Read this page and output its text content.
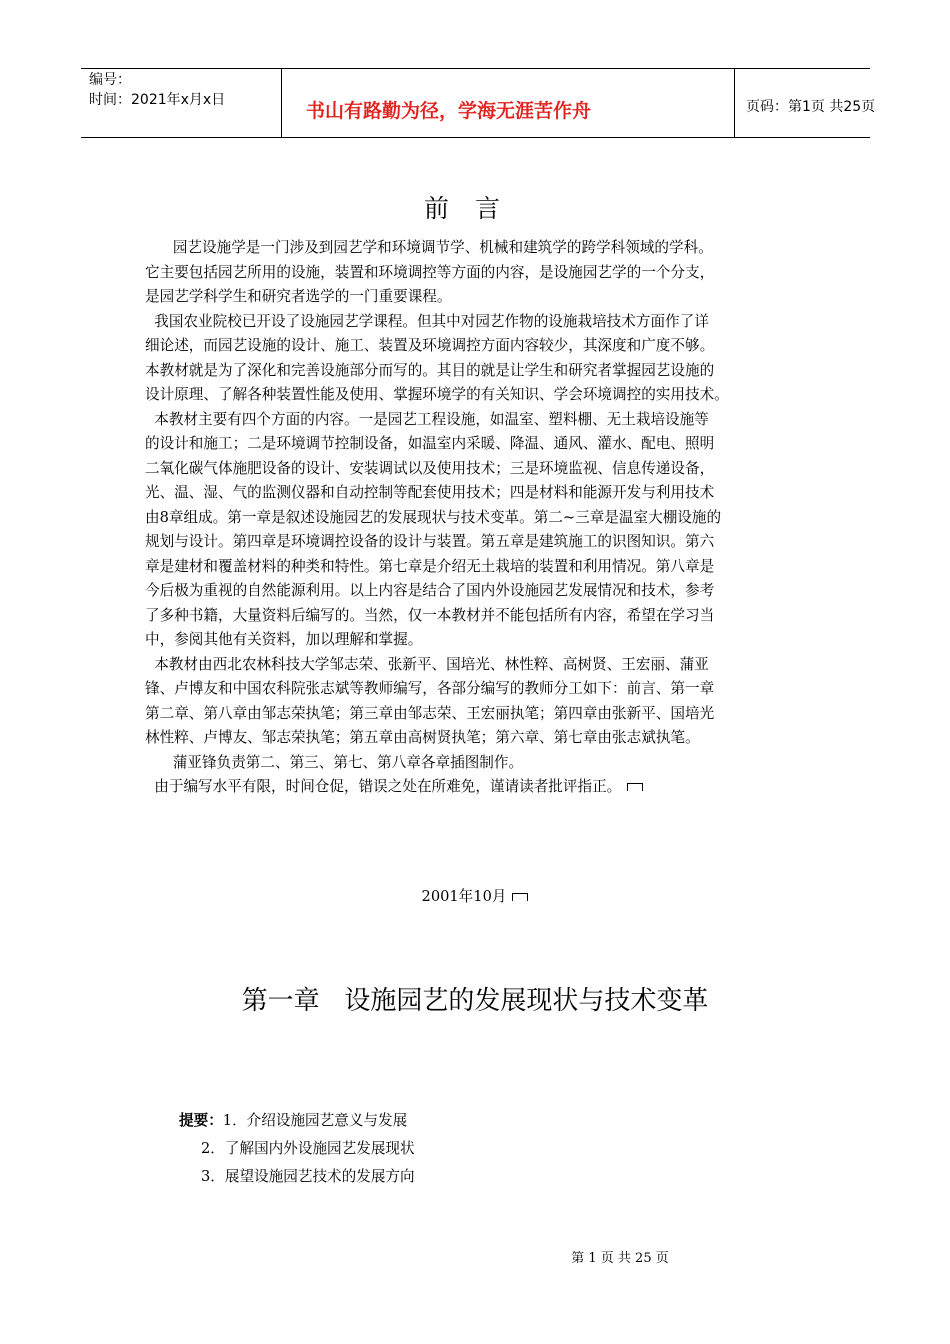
编号：
时间：2021年x月x日	书山有路勤为径，学海无涯苦作舟	页码：第1页 共25页
前言
园艺设施学是一门涉及到园艺学和环境调节学、机械和建筑学的跨学科领域的学科。
它主要包括园艺所用的设施，装置和环境调控等方面的内容，是设施园艺学的一个分支，
是园艺学科学生和研究者选学的一门重要课程。
我国农业院校已开设了设施园艺学课程。但其中对园艺作物的设施栽培技术方面作了详
细论述，而园艺设施的设计、施工、装置及环境调控方面内容较少，其深度和广度不够。
本教材就是为了深化和完善设施部分而写的。其目的就是让学生和研究者掌握园艺设施的
设计原理、了解各种装置性能及使用、掌握环境学的有关知识、学会环境调控的实用技术。
本教材主要有四个方面的内容。一是园艺工程设施，如温室、塑料棚、无土栽培设施等
的设计和施工；二是环境调节控制设备，如温室内采暖、降温、通风、灌水、配电、照明
二氧化碳气体施肥设备的设计、安装调试以及使用技术；三是环境监视、信息传递设备，
光、温、湿、气的监测仪器和自动控制等配套使用技术；四是材料和能源开发与利用技术
由8章组成。第一章是叙述设施园艺的发展现状与技术变革。第二~三章是温室大棚设施的
规划与设计。第四章是环境调控设备的设计与装置。第五章是建筑施工的识图知识。第六
章是建材和覆盖材料的种类和特性。第七章是介绍无土栽培的装置和利用情况。第八章是
今后极为重视的自然能源利用。以上内容是结合了国内外设施园艺发展情况和技术，参考
了多种书籍，大量资料后编写的。当然，仅一本教材并不能包括所有内容，希望在学习当
中，参阅其他有关资料，加以理解和掌握。
本教材由西北农林科技大学邹志荣、张新平、国培光、林性粹、高树贤、王宏丽、蒲亚
锋、卢博友和中国农科院张志斌等教师编写，各部分编写的教师分工如下：前言、第一章
第二章、第八章由邹志荣执笔；第三章由邹志荣、王宏丽执笔；第四章由张新平、国培光
林性粹、卢博友、邹志荣执笔；第五章由高树贤执笔；第六章、第七章由张志斌执笔。
蒲亚锋负责第二、第三、第七、第八章各章插图制作。
由于编写水平有限，时间仓促，错误之处在所难免，谨请读者批评指正。
2001年10月
第一章   设施园艺的发展现状与技术变革
提要：1．介绍设施园艺意义与发展
2．了解国内外设施园艺发展现状
3．展望设施园艺技术的发展方向
第 1 页 共 25 页
